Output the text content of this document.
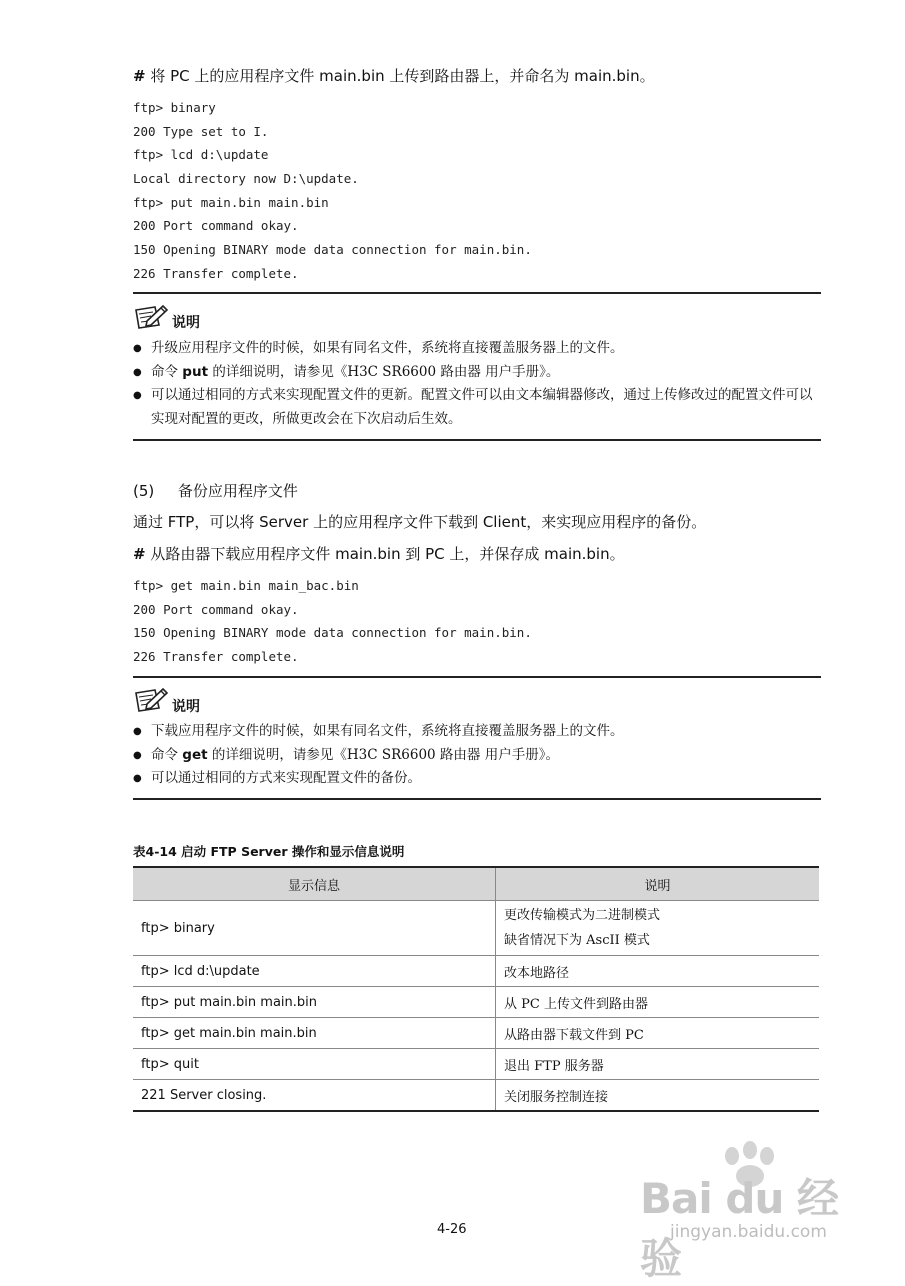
# 将 PC 上的应用程序文件 main.bin 上传到路由器上，并命名为 main.bin。
ftp> binary
200 Type set to I.
ftp> lcd d:\update
Local directory now D:\update.
ftp> put main.bin main.bin
200 Port command okay.
150 Opening BINARY mode data connection for main.bin.
226 Transfer complete.
说明
● 升级应用程序文件的时候，如果有同名文件，系统将直接覆盖服务器上的文件。
● 命令 put 的详细说明，请参见《H3C SR6600 路由器 用户手册》。
● 可以通过相同的方式来实现配置文件的更新。配置文件可以由文本编辑器修改，通过上传修改过的配置文件可以实现对配置的更改，所做更改会在下次启动后生效。
(5) 备份应用程序文件
通过 FTP，可以将 Server 上的应用程序文件下载到 Client，来实现应用程序的备份。
# 从路由器下载应用程序文件 main.bin 到 PC 上，并保存成 main.bin。
ftp> get main.bin main_bac.bin
200 Port command okay.
150 Opening BINARY mode data connection for main.bin.
226 Transfer complete.
说明
● 下载应用程序文件的时候，如果有同名文件，系统将直接覆盖服务器上的文件。
● 命令 get 的详细说明，请参见《H3C SR6600 路由器 用户手册》。
● 可以通过相同的方式来实现配置文件的备份。
表4-14 启动 FTP Server 操作和显示信息说明
显示信息	说明
ftp> binary	更改传输模式为二进制模式
缺省情况下为 AscII 模式
ftp> lcd d:\update	改本地路径
ftp> put main.bin main.bin	从 PC 上传文件到路由器
ftp> get main.bin main.bin	从路由器下载文件到 PC
ftp> quit	退出 FTP 服务器
221 Server closing.	关闭服务控制连接
4-26
Bai du 经验
jingyan.baidu.com
